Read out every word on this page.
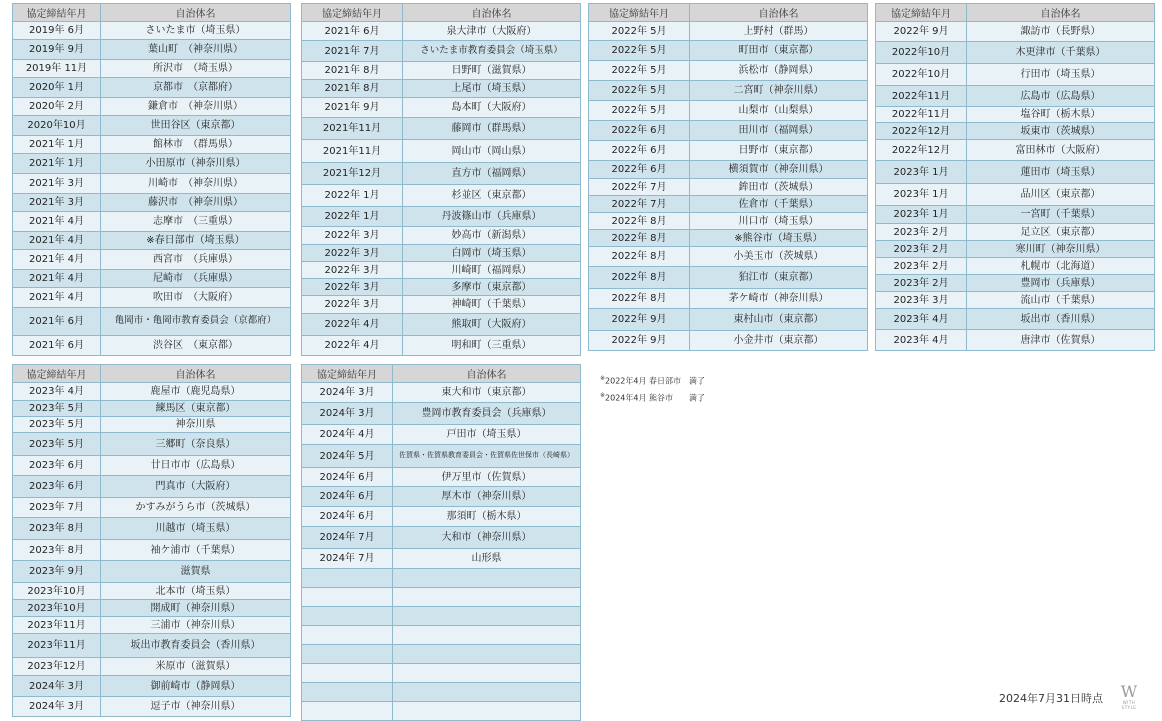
協定締結年月	自治体名
2019年 6月	さいたま市（埼玉県）
2019年 9月	葉山町　（神奈川県）
2019年 11月	所沢市　（埼玉県）
2020年 1月	京都市　（京都府）
2020年 2月	鎌倉市　（神奈川県）
2020年10月	世田谷区（東京都）
2021年 1月	館林市　（群馬県）
2021年 1月	小田原市（神奈川県）
2021年 3月	川崎市　（神奈川県）
2021年 3月	藤沢市　（神奈川県）
2021年 4月	志摩市　（三重県）
2021年 4月	※春日部市（埼玉県）
2021年 4月	西宮市　（兵庫県）
2021年 4月	尼崎市　（兵庫県）
2021年 4月	吹田市　（大阪府）
2021年 6月	亀岡市・亀岡市教育委員会（京都府）
2021年 6月	渋谷区　（東京都）
協定締結年月	自治体名
2021年 6月	泉大津市（大阪府）
2021年 7月	さいたま市教育委員会（埼玉県）
2021年 8月	日野町（滋賀県）
2021年 8月	上尾市（埼玉県）
2021年 9月	島本町（大阪府）
2021年11月	藤岡市（群馬県）
2021年11月	岡山市（岡山県）
2021年12月	直方市（福岡県）
2022年 1月	杉並区（東京都）
2022年 1月	丹波篠山市（兵庫県）
2022年 3月	妙高市（新潟県）
2022年 3月	白岡市（埼玉県）
2022年 3月	川崎町（福岡県）
2022年 3月	多摩市（東京都）
2022年 3月	神崎町（千葉県）
2022年 4月	熊取町（大阪府）
2022年 4月	明和町（三重県）
協定締結年月	自治体名
2022年 5月	上野村（群馬）
2022年 5月	町田市（東京都）
2022年 5月	浜松市（静岡県）
2022年 5月	二宮町（神奈川県）
2022年 5月	山梨市（山梨県）
2022年 6月	田川市（福岡県）
2022年 6月	日野市（東京都）
2022年 6月	横須賀市（神奈川県）
2022年 7月	鉾田市（茨城県）
2022年 7月	佐倉市（千葉県）
2022年 8月	川口市（埼玉県）
2022年 8月	※熊谷市（埼玉県）
2022年 8月	小美玉市（茨城県）
2022年 8月	狛江市（東京都）
2022年 8月	茅ケ崎市（神奈川県）
2022年 9月	東村山市（東京都）
2022年 9月	小金井市（東京都）
協定締結年月	自治体名
2022年 9月	諏訪市（長野県）
2022年10月	木更津市（千葉県）
2022年10月	行田市（埼玉県）
2022年11月	広島市（広島県）
2022年11月	塩谷町（栃木県）
2022年12月	坂東市（茨城県）
2022年12月	富田林市（大阪府）
2023年 1月	蓮田市（埼玉県）
2023年 1月	品川区（東京都）
2023年 1月	一宮町（千葉県）
2023年 2月	足立区（東京都）
2023年 2月	寒川町（神奈川県）
2023年 2月	札幌市（北海道）
2023年 2月	豊岡市（兵庫県）
2023年 3月	流山市（千葉県）
2023年 4月	坂出市（香川県）
2023年 4月	唐津市（佐賀県）
協定締結年月	自治体名
2023年 4月	鹿屋市（鹿児島県）
2023年 5月	練馬区（東京都）
2023年 5月	神奈川県
2023年 5月	三郷町（奈良県）
2023年 6月	廿日市市（広島県）
2023年 6月	門真市（大阪府）
2023年 7月	かすみがうら市（茨城県）
2023年 8月	川越市（埼玉県）
2023年 8月	袖ケ浦市（千葉県）
2023年 9月	滋賀県
2023年10月	北本市（埼玉県）
2023年10月	開成町（神奈川県）
2023年11月	三浦市（神奈川県）
2023年11月	坂出市教育委員会（香川県）
2023年12月	米原市（滋賀県）
2024年 3月	御前崎市（静岡県）
2024年 3月	逗子市（神奈川県）
協定締結年月	自治体名
2024年 3月	東大和市（東京都）
2024年 3月	豊岡市教育委員会（兵庫県）
2024年 4月	戸田市（埼玉県）
2024年 5月	佐賀県・佐賀県教育委員会・佐賀県佐世保市（長崎県）
2024年 6月	伊万里市（佐賀県）
2024年 6月	厚木市（神奈川県）
2024年 6月	那須町（栃木県）
2024年 7月	大和市（神奈川県）
2024年 7月	山形県

※2022年4月 春日部市　満了
※2024年4月 熊谷市　　満了
2024年7月31日時点 W
WITH STYLE
